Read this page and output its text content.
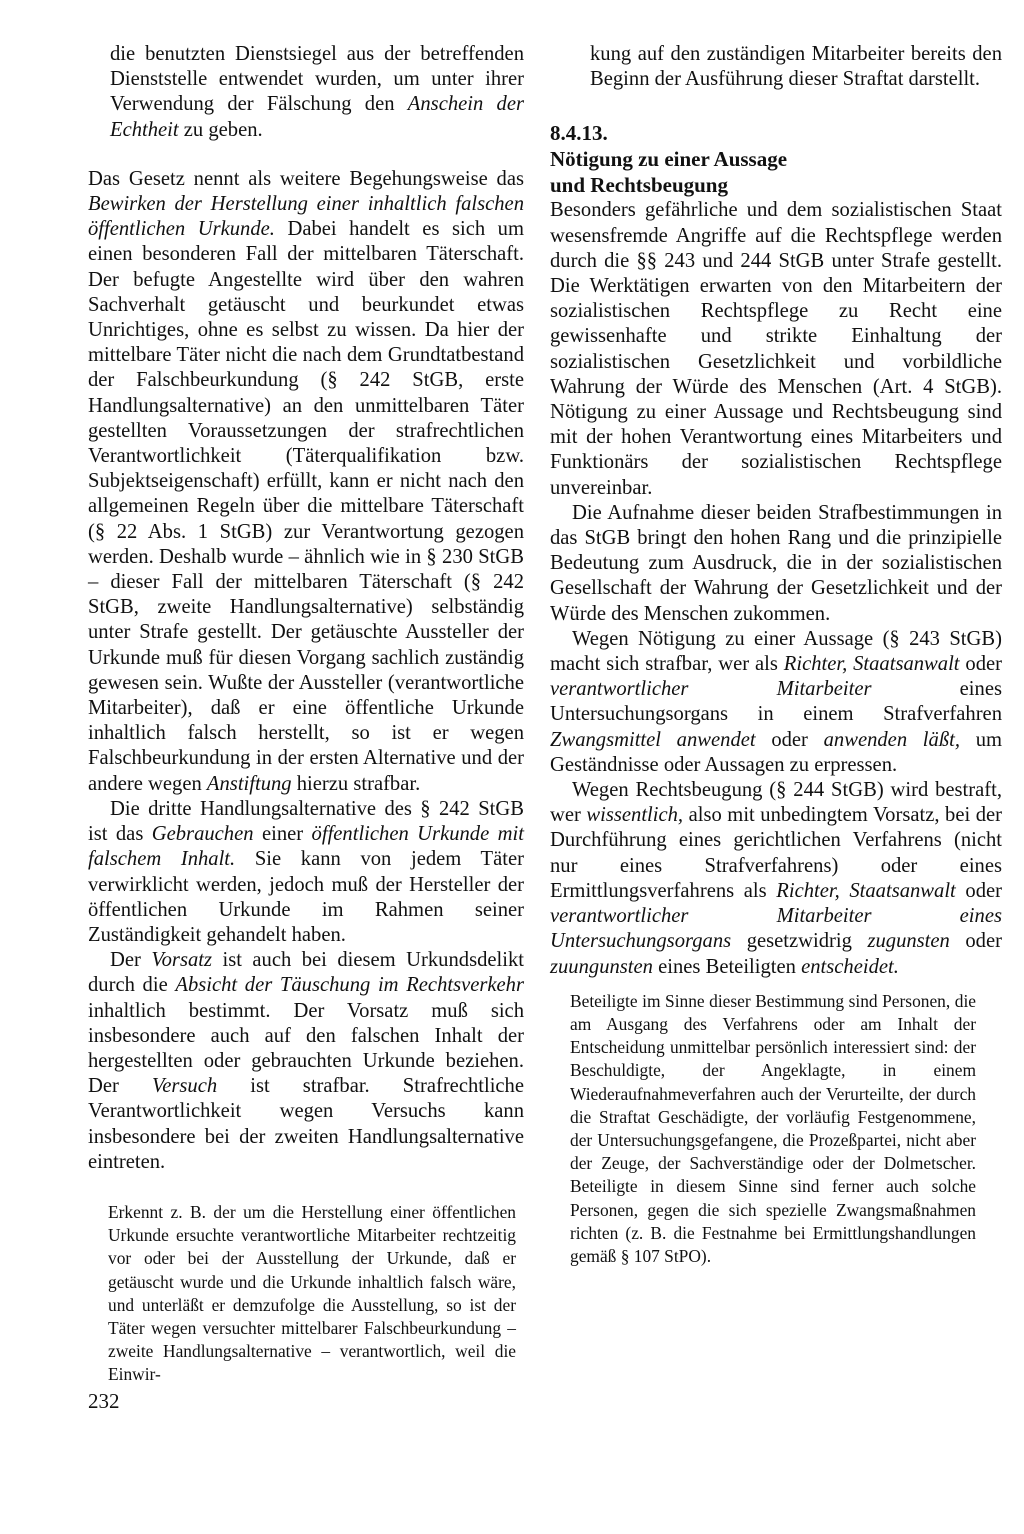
die benutzten Dienstsiegel aus der betreffenden Dienststelle entwendet wurden, um unter ihrer Verwendung der Fälschung den Anschein der Echtheit zu geben.

Das Gesetz nennt als weitere Begehungsweise das Bewirken der Herstellung einer inhaltlich falschen öffentlichen Urkunde. Dabei handelt es sich um einen besonderen Fall der mittelbaren Täterschaft. Der befugte Angestellte wird über den wahren Sachverhalt getäuscht und beurkundet etwas Unrichtiges, ohne es selbst zu wissen. Da hier der mittelbare Täter nicht die nach dem Grundtatbestand der Falschbeurkundung (§ 242 StGB, erste Handlungsalternative) an den unmittelbaren Täter gestellten Voraussetzungen der strafrechtlichen Verantwortlichkeit (Täterqualifikation bzw. Subjektseigenschaft) erfüllt, kann er nicht nach den allgemeinen Regeln über die mittelbare Täterschaft (§ 22 Abs. 1 StGB) zur Verantwortung gezogen werden. Deshalb wurde – ähnlich wie in § 230 StGB – dieser Fall der mittelbaren Täterschaft (§ 242 StGB, zweite Handlungsalternative) selbständig unter Strafe gestellt. Der getäuschte Aussteller der Urkunde muß für diesen Vorgang sachlich zuständig gewesen sein. Wußte der Aussteller (verantwortliche Mitarbeiter), daß er eine öffentliche Urkunde inhaltlich falsch herstellt, so ist er wegen Falschbeurkundung in der ersten Alternative und der andere wegen Anstiftung hierzu strafbar.

Die dritte Handlungsalternative des § 242 StGB ist das Gebrauchen einer öffentlichen Urkunde mit falschem Inhalt. Sie kann von jedem Täter verwirklicht werden, jedoch muß der Hersteller der öffentlichen Urkunde im Rahmen seiner Zuständigkeit gehandelt haben.

Der Vorsatz ist auch bei diesem Urkundsdelikt durch die Absicht der Täuschung im Rechtsverkehr inhaltlich bestimmt. Der Vorsatz muß sich insbesondere auch auf den falschen Inhalt der hergestellten oder gebrauchten Urkunde beziehen. Der Versuch ist strafbar. Strafrechtliche Verantwortlichkeit wegen Versuchs kann insbesondere bei der zweiten Handlungsalternative eintreten.

Erkennt z. B. der um die Herstellung einer öffentlichen Urkunde ersuchte verantwortliche Mitarbeiter rechtzeitig vor oder bei der Ausstellung der Urkunde, daß er getäuscht wurde und die Urkunde inhaltlich falsch wäre, und unterläßt er demzufolge die Ausstellung, so ist der Täter wegen versuchter mittelbarer Falschbeurkundung – zweite Handlungsalternative – verantwortlich, weil die Einwir-

kung auf den zuständigen Mitarbeiter bereits den Beginn der Ausführung dieser Straftat darstellt.

8.4.13.

Nötigung zu einer Aussage und Rechtsbeugung

Besonders gefährliche und dem sozialistischen Staat wesensfremde Angriffe auf die Rechtspflege werden durch die §§ 243 und 244 StGB unter Strafe gestellt. Die Werktätigen erwarten von den Mitarbeitern der sozialistischen Rechtspflege zu Recht eine gewissenhafte und strikte Einhaltung der sozialistischen Gesetzlichkeit und vorbildliche Wahrung der Würde des Menschen (Art. 4 StGB). Nötigung zu einer Aussage und Rechtsbeugung sind mit der hohen Verantwortung eines Mitarbeiters und Funktionärs der sozialistischen Rechtspflege unvereinbar.

Die Aufnahme dieser beiden Strafbestimmungen in das StGB bringt den hohen Rang und die prinzipielle Bedeutung zum Ausdruck, die in der sozialistischen Gesellschaft der Wahrung der Gesetzlichkeit und der Würde des Menschen zukommen.

Wegen Nötigung zu einer Aussage (§ 243 StGB) macht sich strafbar, wer als Richter, Staatsanwalt oder verantwortlicher Mitarbeiter eines Untersuchungsorgans in einem Strafverfahren Zwangsmittel anwendet oder anwenden läßt, um Geständnisse oder Aussagen zu erpressen.

Wegen Rechtsbeugung (§ 244 StGB) wird bestraft, wer wissentlich, also mit unbedingtem Vorsatz, bei der Durchführung eines gerichtlichen Verfahrens (nicht nur eines Strafverfahrens) oder eines Ermittlungsverfahrens als Richter, Staatsanwalt oder verantwortlicher Mitarbeiter eines Untersuchungsorgans gesetzwidrig zugunsten oder zuungunsten eines Beteiligten entscheidet.

Beteiligte im Sinne dieser Bestimmung sind Personen, die am Ausgang des Verfahrens oder am Inhalt der Entscheidung unmittelbar persönlich interessiert sind: der Beschuldigte, der Angeklagte, in einem Wiederaufnahmeverfahren auch der Verurteilte, der durch die Straftat Geschädigte, der vorläufig Festgenommene, der Untersuchungsgefangene, die Prozeßpartei, nicht aber der Zeuge, der Sachverständige oder der Dolmetscher. Beteiligte in diesem Sinne sind ferner auch solche Personen, gegen die sich spezielle Zwangsmaßnahmen richten (z. B. die Festnahme bei Ermittlungshandlungen gemäß § 107 StPO).

232
